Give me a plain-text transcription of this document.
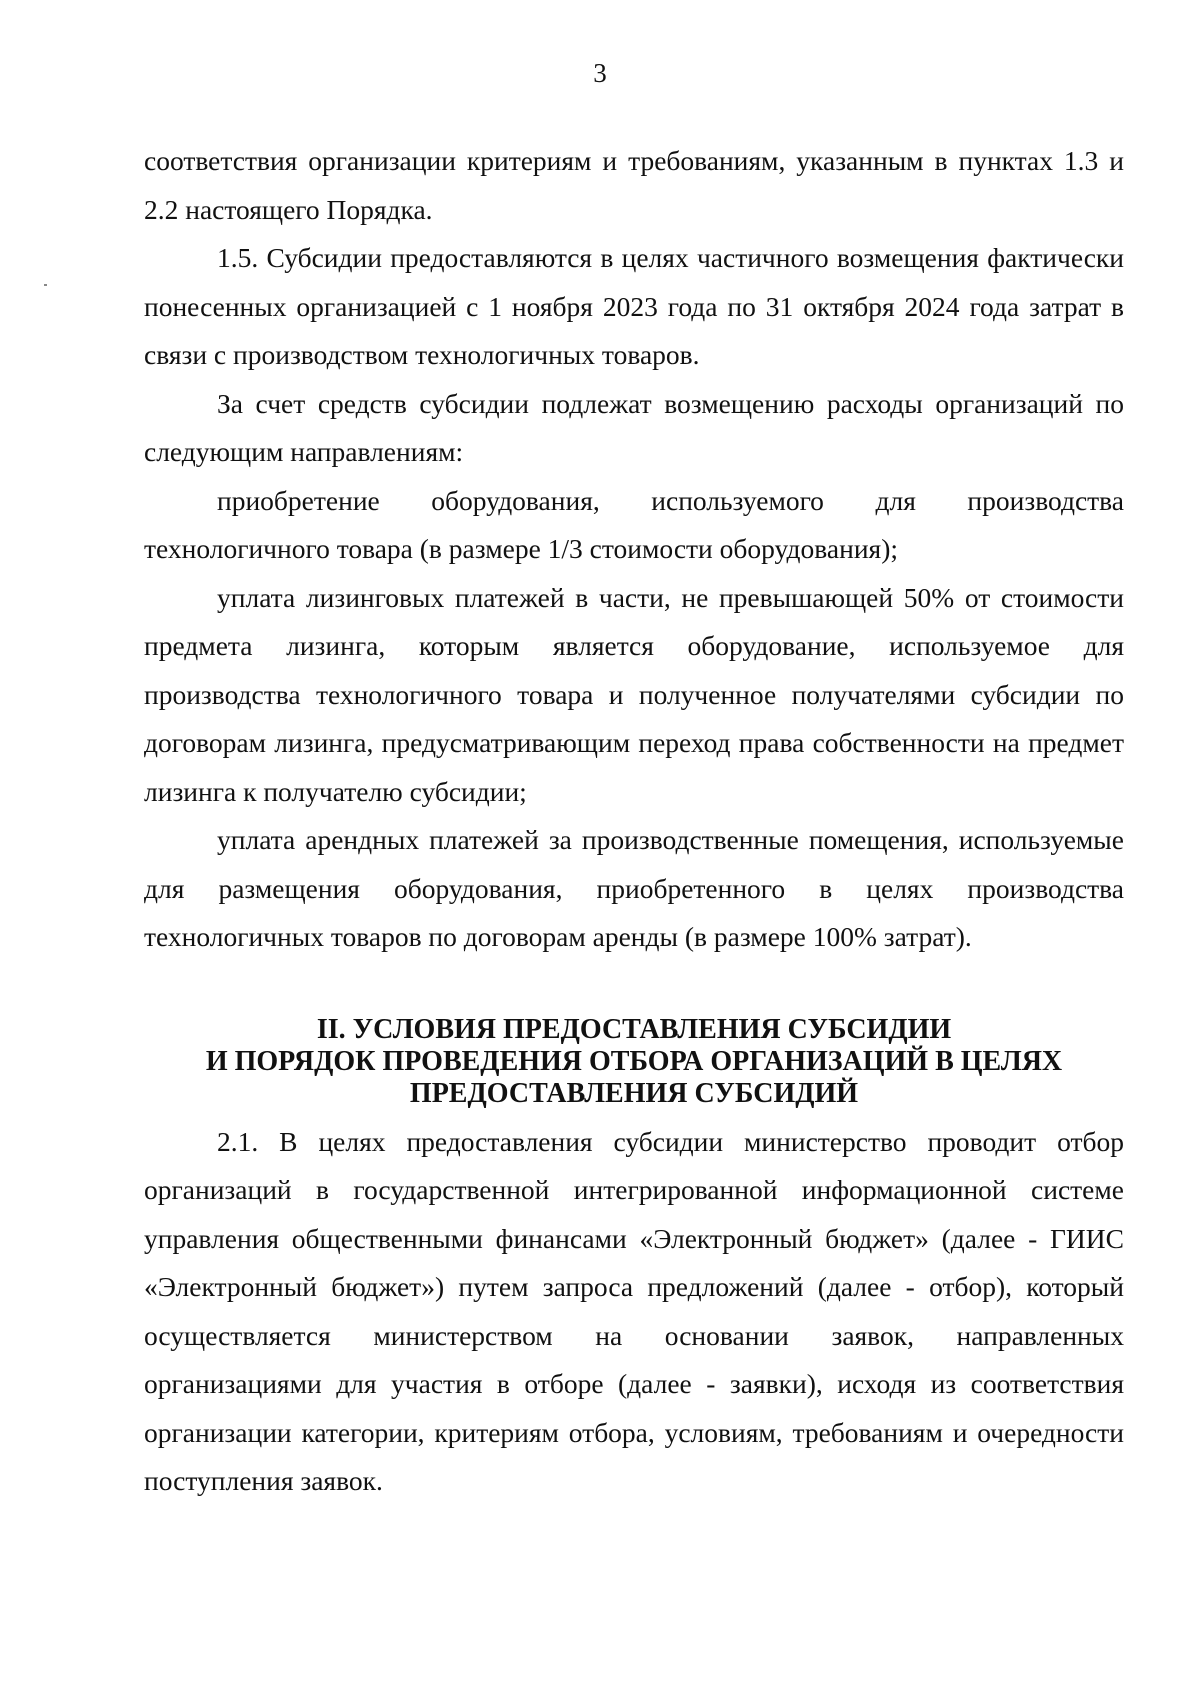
3

соответствия организации критериям и требованиям, указанным в пунктах 1.3 и 2.2 настоящего Порядка.

1.5. Субсидии предоставляются в целях частичного возмещения фактически понесенных организацией с 1 ноября 2023 года по 31 октября 2024 года затрат в связи с производством технологичных товаров.

За счет средств субсидии подлежат возмещению расходы организаций по следующим направлениям:

приобретение оборудования, используемого для производства технологичного товара (в размере 1/3 стоимости оборудования);

уплата лизинговых платежей в части, не превышающей 50% от стоимости предмета лизинга, которым является оборудование, используемое для производства технологичного товара и полученное получателями субсидии по договорам лизинга, предусматривающим переход права собственности на предмет лизинга к получателю субсидии;

уплата арендных платежей за производственные помещения, используемые для размещения оборудования, приобретенного в целях производства технологичных товаров по договорам аренды (в размере 100% затрат).

II. УСЛОВИЯ ПРЕДОСТАВЛЕНИЯ СУБСИДИИ
И ПОРЯДОК ПРОВЕДЕНИЯ ОТБОРА ОРГАНИЗАЦИЙ В ЦЕЛЯХ
ПРЕДОСТАВЛЕНИЯ СУБСИДИЙ

2.1. В целях предоставления субсидии министерство проводит отбор организаций в государственной интегрированной информационной системе управления общественными финансами «Электронный бюджет» (далее - ГИИС «Электронный бюджет») путем запроса предложений (далее - отбор), который осуществляется министерством на основании заявок, направленных организациями для участия в отборе (далее - заявки), исходя из соответствия организации категории, критериям отбора, условиям, требованиям и очередности поступления заявок.
